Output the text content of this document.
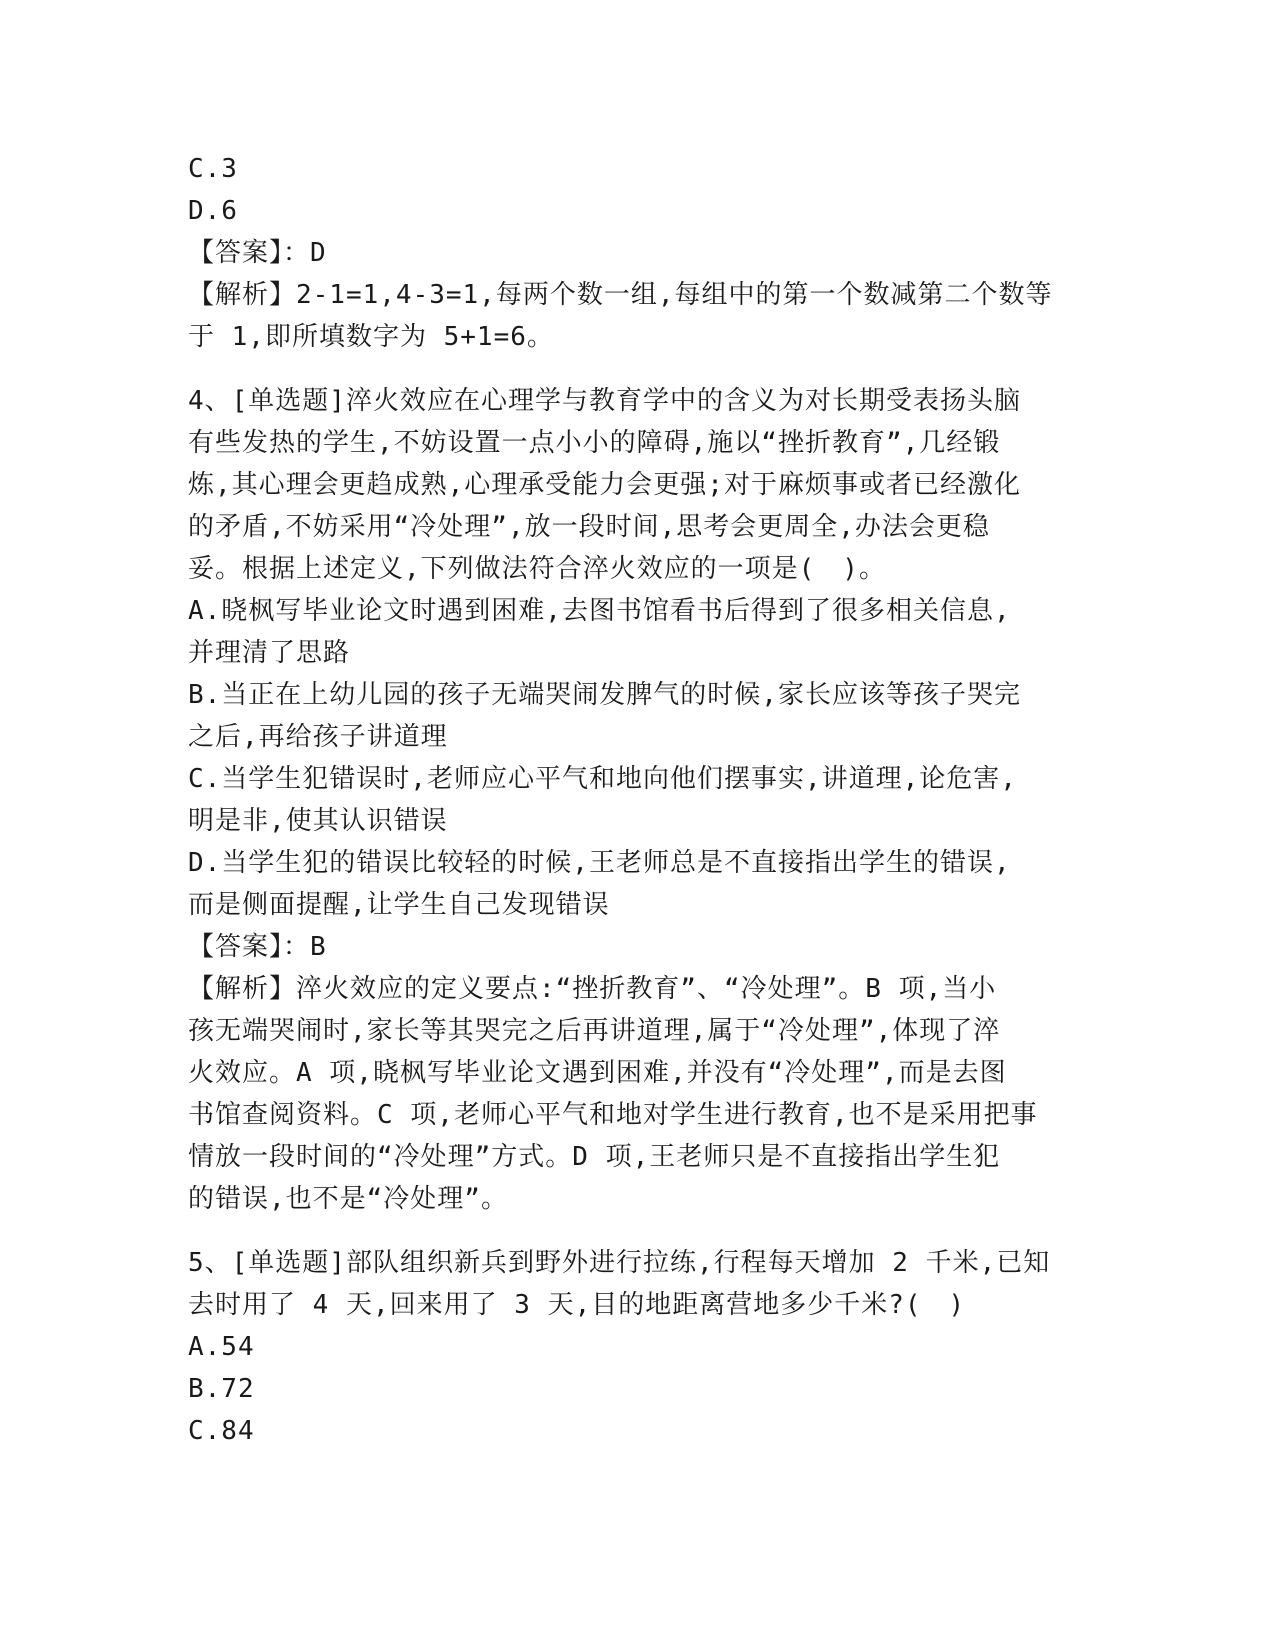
C.3
D.6
【答案】：D
【解析】2-1=1,4-3=1,每两个数一组,每组中的第一个数减第二个数等
于 1,即所填数字为 5+1=6。
4、[单选题]淬火效应在心理学与教育学中的含义为对长期受表扬头脑
有些发热的学生,不妨设置一点小小的障碍,施以“挫折教育”,几经锻
炼,其心理会更趋成熟,心理承受能力会更强;对于麻烦事或者已经激化
的矛盾,不妨采用“冷处理”,放一段时间,思考会更周全,办法会更稳
妥。根据上述定义,下列做法符合淬火效应的一项是(　)。
A.晓枫写毕业论文时遇到困难,去图书馆看书后得到了很多相关信息,
并理清了思路
B.当正在上幼儿园的孩子无端哭闹发脾气的时候,家长应该等孩子哭完
之后,再给孩子讲道理
C.当学生犯错误时,老师应心平气和地向他们摆事实,讲道理,论危害,
明是非,使其认识错误
D.当学生犯的错误比较轻的时候,王老师总是不直接指出学生的错误,
而是侧面提醒,让学生自己发现错误
【答案】：B
【解析】淬火效应的定义要点:“挫折教育”、“冷处理”。B 项,当小
孩无端哭闹时,家长等其哭完之后再讲道理,属于“冷处理”,体现了淬
火效应。A 项,晓枫写毕业论文遇到困难,并没有“冷处理”,而是去图
书馆查阅资料。C 项,老师心平气和地对学生进行教育,也不是采用把事
情放一段时间的“冷处理”方式。D 项,王老师只是不直接指出学生犯
的错误,也不是“冷处理”。
5、[单选题]部队组织新兵到野外进行拉练,行程每天增加 2 千米,已知
去时用了 4 天,回来用了 3 天,目的地距离营地多少千米?(　)
A.54
B.72
C.84
